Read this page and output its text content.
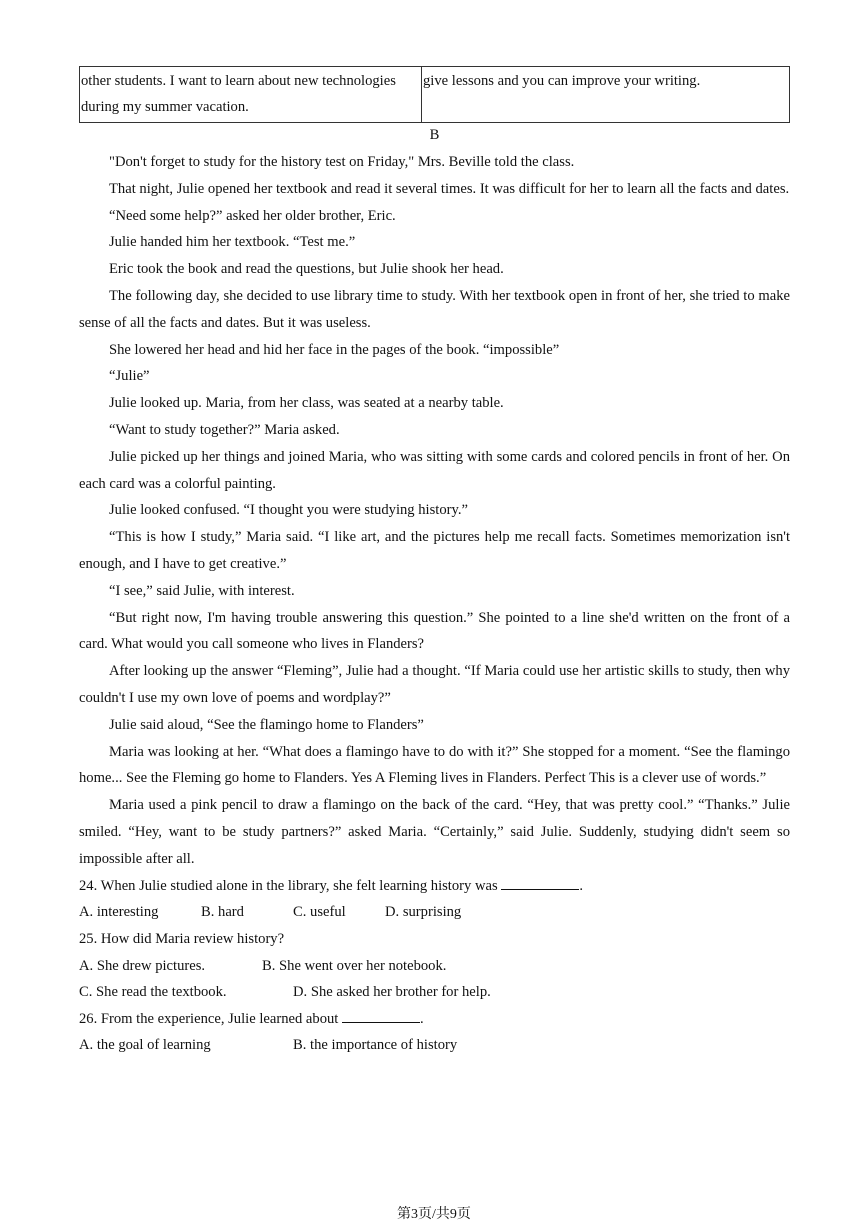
other students. I want to learn about new technologies during my summer vacation.	give lessons and you can improve your writing.
B

"Don't forget to study for the history test on Friday," Mrs. Beville told the class.

That night, Julie opened her textbook and read it several times. It was difficult for her to learn all the facts and dates.

“Need some help?” asked her older brother, Eric.

Julie handed him her textbook. “Test me.”

Eric took the book and read the questions, but Julie shook her head.

The following day, she decided to use library time to study. With her textbook open in front of her, she tried to make sense of all the facts and dates. But it was useless.

She lowered her head and hid her face in the pages of the book. “impossible”

“Julie”

Julie looked up. Maria, from her class, was seated at a nearby table.

“Want to study together?” Maria asked.

Julie picked up her things and joined Maria, who was sitting with some cards and colored pencils in front of her. On each card was a colorful painting.

Julie looked confused. “I thought you were studying history.”

“This is how I study,” Maria said. “I like art, and the pictures help me recall facts. Sometimes memorization isn't enough, and I have to get creative.”

“I see,” said Julie, with interest.

“But right now, I'm having trouble answering this question.” She pointed to a line she'd written on the front of a card. What would you call someone who lives in Flanders?

After looking up the answer “Fleming”, Julie had a thought. “If Maria could use her artistic skills to study, then why couldn't I use my own love of poems and wordplay?”

Julie said aloud, “See the flamingo home to Flanders”

Maria was looking at her. “What does a flamingo have to do with it?” She stopped for a moment. “See the flamingo home... See the Fleming go home to Flanders. Yes A Fleming lives in Flanders. Perfect This is a clever use of words.”

Maria used a pink pencil to draw a flamingo on the back of the card. “Hey, that was pretty cool.” “Thanks.” Julie smiled. “Hey, want to be study partners?” asked Maria. “Certainly,” said Julie. Suddenly, studying didn't seem so impossible after all.

24. When Julie studied alone in the library, she felt learning history was	.

A. interesting	B. hard	C. useful	D. surprising

25. How did Maria review history?

A. She drew pictures.	B. She went over her notebook.
C. She read the textbook.	D. She asked her brother for help.

26. From the experience, Julie learned about	.

A. the goal of learning	B. the importance of history
第3页/共9页
